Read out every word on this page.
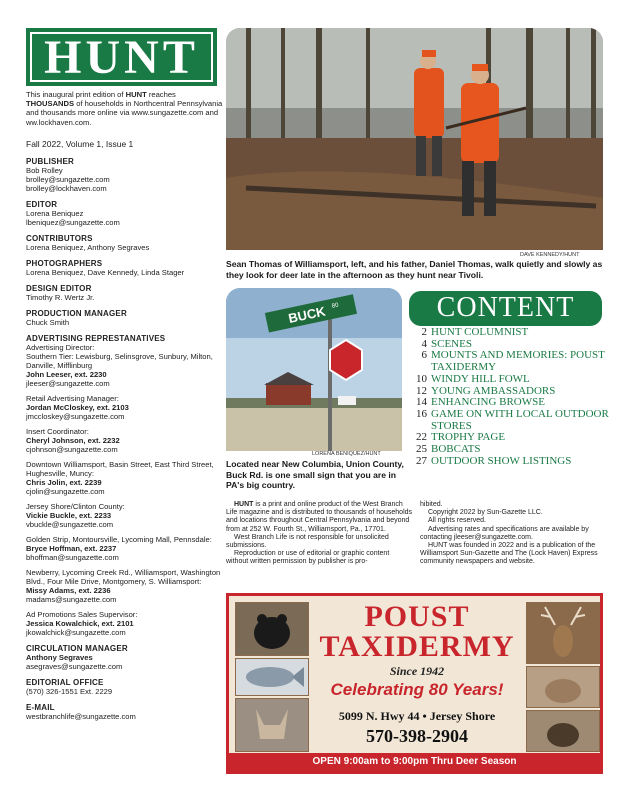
HUNT
This inaugural print edition of HUNT reaches THOUSANDS of households in Northcentral Pennsylvania and thousands more online via www.sungazette.com and ww.lockhaven.com.
Fall 2022, Volume 1, Issue 1
PUBLISHER
Bob Rolley
brolley@sungazette.com
brolley@lockhaven.com
EDITOR
Lorena Beniquez
lbeniquez@sungazette.com
CONTRIBUTORS
Lorena Beniquez, Anthony Segraves
PHOTOGRAPHERS
Lorena Beniquez, Dave Kennedy, Linda Stager
DESIGN EDITOR
Timothy R. Wertz Jr.
PRODUCTION MANAGER
Chuck Smith
ADVERTISING REPRESTANATIVES
Advertising Director:
Southern Tier: Lewisburg, Selinsgrove, Sunbury, Milton, Danville, Mifflinburg
John Leeser, ext. 2230
jleeser@sungazette.com
Retail Advertising Manager:
Jordan McCloskey, ext. 2103
jmccloskey@sungazette.com
Insert Coordinator:
Cheryl Johnson, ext. 2232
cjohnson@sungazette.com
Downtown Williamsport, Basin Street, East Third Street, Hughesville, Muncy:
Chris Jolin, ext. 2239
cjolin@sungazette.com
Jersey Shore/Clinton County:
Vickie Buckle, ext. 2233
vbuckle@sungazette.com
Golden Strip, Montoursville, Lycoming Mall, Pennsdale:
Bryce Hoffman, ext. 2237
bhoffman@sungazette.com
Newberry, Lycoming Creek Rd., Williamsport, Washington Blvd., Four Mile Drive, Montgomery, S. Williamsport:
Missy Adams, ext. 2236
madams@sungazette.com
Ad Promotions Sales Supervisor:
Jessica Kowalchick, ext. 2101
jkowalchick@sungazette.com
CIRCULATION MANAGER
Anthony Segraves
asegraves@sungazette.com
EDITORIAL OFFICE
(570) 326-1551 Ext. 2229
E-MAIL
westbranchlife@sungazette.com
DAVE KENNEDY/HUNT
Sean Thomas of Williamsport, left, and his father, Daniel Thomas, walk quietly and slowly as they look for deer late in the afternoon as they hunt near Tivoli.
BUCK 80
LORENA BENIQUEZ/HUNT
Located near New Columbia, Union County, Buck Rd. is one small sign that you are in PA's big country.
CONTENT
2 HUNT COLUMNIST
4 SCENES
6 MOUNTS AND MEMORIES: POUST TAXIDERMY
10 WINDY HILL FOWL
12 YOUNG AMBASSADORS
14 ENHANCING BROWSE
16 GAME ON WITH LOCAL OUTDOOR STORES
22 TROPHY PAGE
25 BOBCATS
27 OUTDOOR SHOW LISTINGS

HUNT is a print and online product of the West Branch Life magazine and is distributed to thousands of households and locations throughout Central Pennsylvania and beyond from at 252 W. Fourth St., Williamsport, Pa., 17701.

West Branch Life is not responsible for unsolicited submissions.

Reproduction or use of editorial or graphic content without written permission by publisher is pro-

hibited.

Copyright 2022 by Sun-Gazette LLC.

All rights reserved.

Advertising rates and specifications are available by contacting jleeser@sungazette.com.

HUNT was founded in 2022 and is a publication of the Williamsport Sun-Gazette and The (Lock Haven) Express community newspapers and website.

POUST
TAXIDERMY
Since 1942
Celebrating 80 Years!
5099 N. Hwy 44 • Jersey Shore
570-398-2904
OPEN 9:00am to 9:00pm Thru Deer Season
